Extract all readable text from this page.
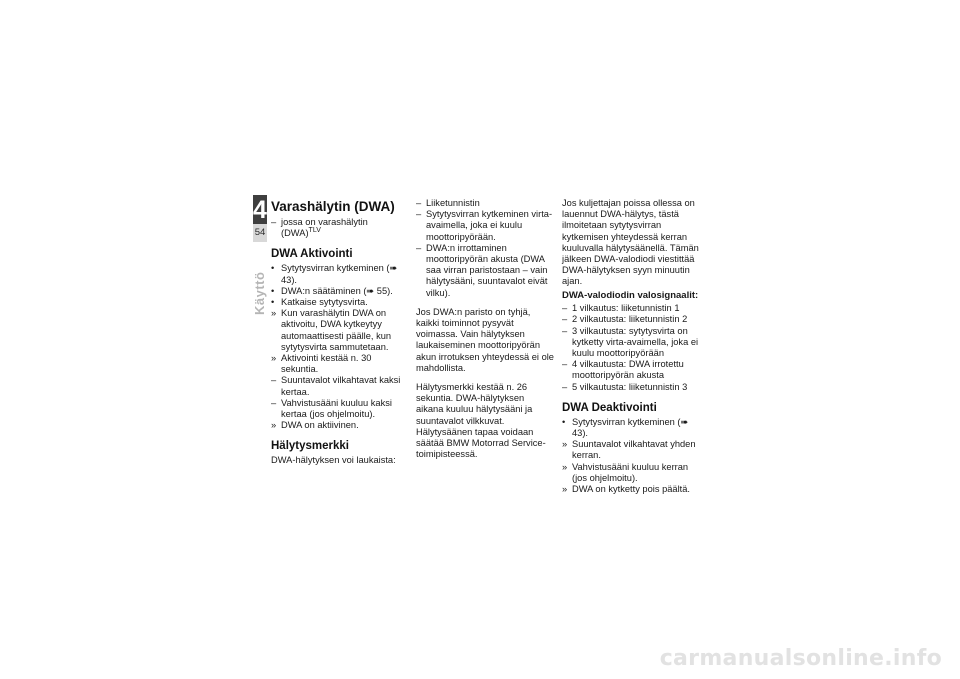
4
54
Käyttö
Varashälytin (DWA)
– jossa on varashälytin (DWA)$^{TLV}$
DWA Aktivointi
• Sytytysvirran kytkeminen (➠ 43).
• DWA:n säätäminen (➠ 55).
• Katkaise sytytysvirta.
» Kun varashälytin DWA on aktivoitu, DWA kytkeytyy automaattisesti päälle, kun sytytysvirta sammutetaan.
» Aktivointi kestää n. 30 sekuntia.
– Suuntavalot vilkahtavat kaksi kertaa.
– Vahvistusääni kuuluu kaksi kertaa (jos ohjelmoitu).
» DWA on aktiivinen.
Hälytysmerkki

DWA-hälytyksen voi laukaista:

– Liiketunnistin
– Sytytysvirran kytkeminen virta-avaimella, joka ei kuulu moottoripyörään.
– DWA:n irrottaminen moottoripyörän akusta (DWA saa virran paristostaan – vain hälytysääni, suuntavalot eivät vilku).

Jos DWA:n paristo on tyhjä, kaikki toiminnot pysyvät voimassa. Vain hälytyksen laukaiseminen moottoripyörän akun irrotuksen yhteydessä ei ole mahdollista.

Hälytysmerkki kestää n. 26 sekuntia. DWA-hälytyksen aikana kuuluu hälytysääni ja suuntavalot vilkkuvat. Hälytysäänen tapaa voidaan säätää BMW Motorrad Service-toimipisteessä.

Jos kuljettajan poissa ollessa on lauennut DWA-hälytys, tästä ilmoitetaan sytytysvirran kytkemisen yhteydessä kerran kuuluvalla hälytysäänellä. Tämän jälkeen DWA-valodiodi viestittää DWA-hälytyksen syyn minuutin ajan.

DWA-valodiodin valosignaalit:
– 1 vilkautus: liiketunnistin 1
– 2 vilkautusta: liiketunnistin 2
– 3 vilkautusta: sytytysvirta on kytketty virta-avaimella, joka ei kuulu moottoripyörään
– 4 vilkautusta: DWA irrotettu moottoripyörän akusta
– 5 vilkautusta: liiketunnistin 3
DWA Deaktivointi
• Sytytysvirran kytkeminen (➠ 43).
» Suuntavalot vilkahtavat yhden kerran.
» Vahvistusääni kuuluu kerran (jos ohjelmoitu).
» DWA on kytketty pois päältä.
carmanualsonline.info
